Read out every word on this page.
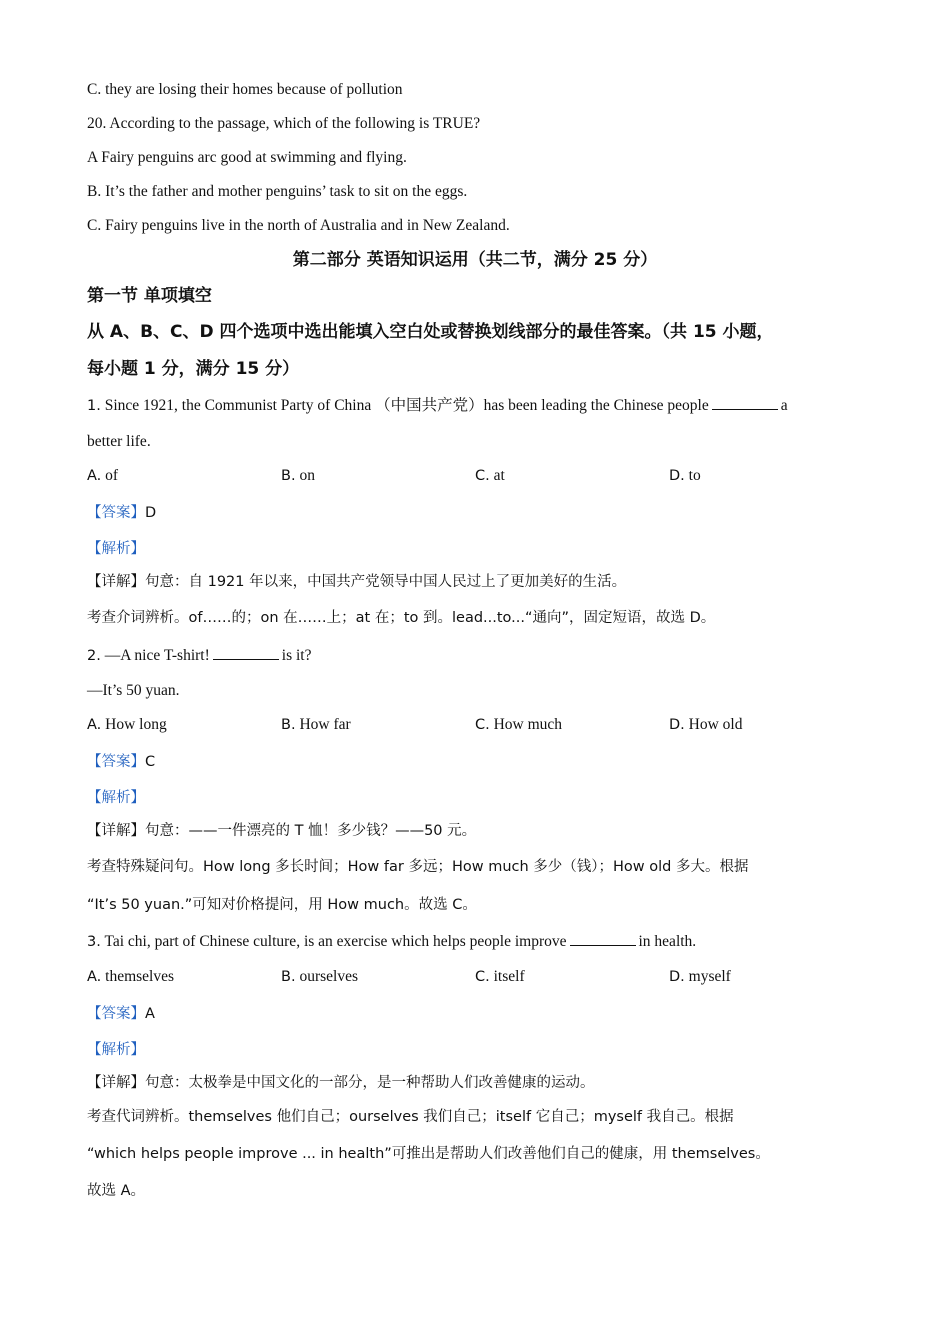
C. they are losing their homes because of pollution
20. According to the passage, which of the following is TRUE?
A Fairy penguins arc good at swimming and flying.
B. It’s the father and mother penguins’ task to sit on the eggs.
C. Fairy penguins live in the north of Australia and in New Zealand.
第二部分 英语知识运用（共二节，满分 25 分）
第一节 单项填空
从 A、B、C、D 四个选项中选出能填入空白处或替换划线部分的最佳答案。（共 15 小题，
每小题 1 分，满分 15 分）
1. Since 1921, the Communist Party of China （中国共产党）has been leading the Chinese people	a
better life.
A. of	B. on	C. at	D. to
【答案】D
【解析】
【详解】句意：自 1921 年以来，中国共产党领导中国人民过上了更加美好的生活。
考查介词辨析。of……的；on 在……上；at 在；to 到。lead...to...“通向”，固定短语，故选 D。
2. —A nice T-shirt!	is it?
—It’s 50 yuan.
A. How long	B. How far	C. How much	D. How old
【答案】C
【解析】
【详解】句意：——一件漂亮的 T 恤！多少钱？——50 元。
考查特殊疑问句。How long 多长时间；How far 多远；How much 多少（钱）；How old 多大。根据
“It’s 50 yuan.”可知对价格提问，用 How much。故选 C。
3. Tai chi, part of Chinese culture, is an exercise which helps people improve	in health.
A. themselves	B. ourselves	C. itself	D. myself
【答案】A
【解析】
【详解】句意：太极拳是中国文化的一部分，是一种帮助人们改善健康的运动。
考查代词辨析。themselves 他们自己；ourselves 我们自己；itself 它自己；myself 我自己。根据
“which helps people improve ... in health”可推出是帮助人们改善他们自己的健康，用 themselves。
故选 A。
